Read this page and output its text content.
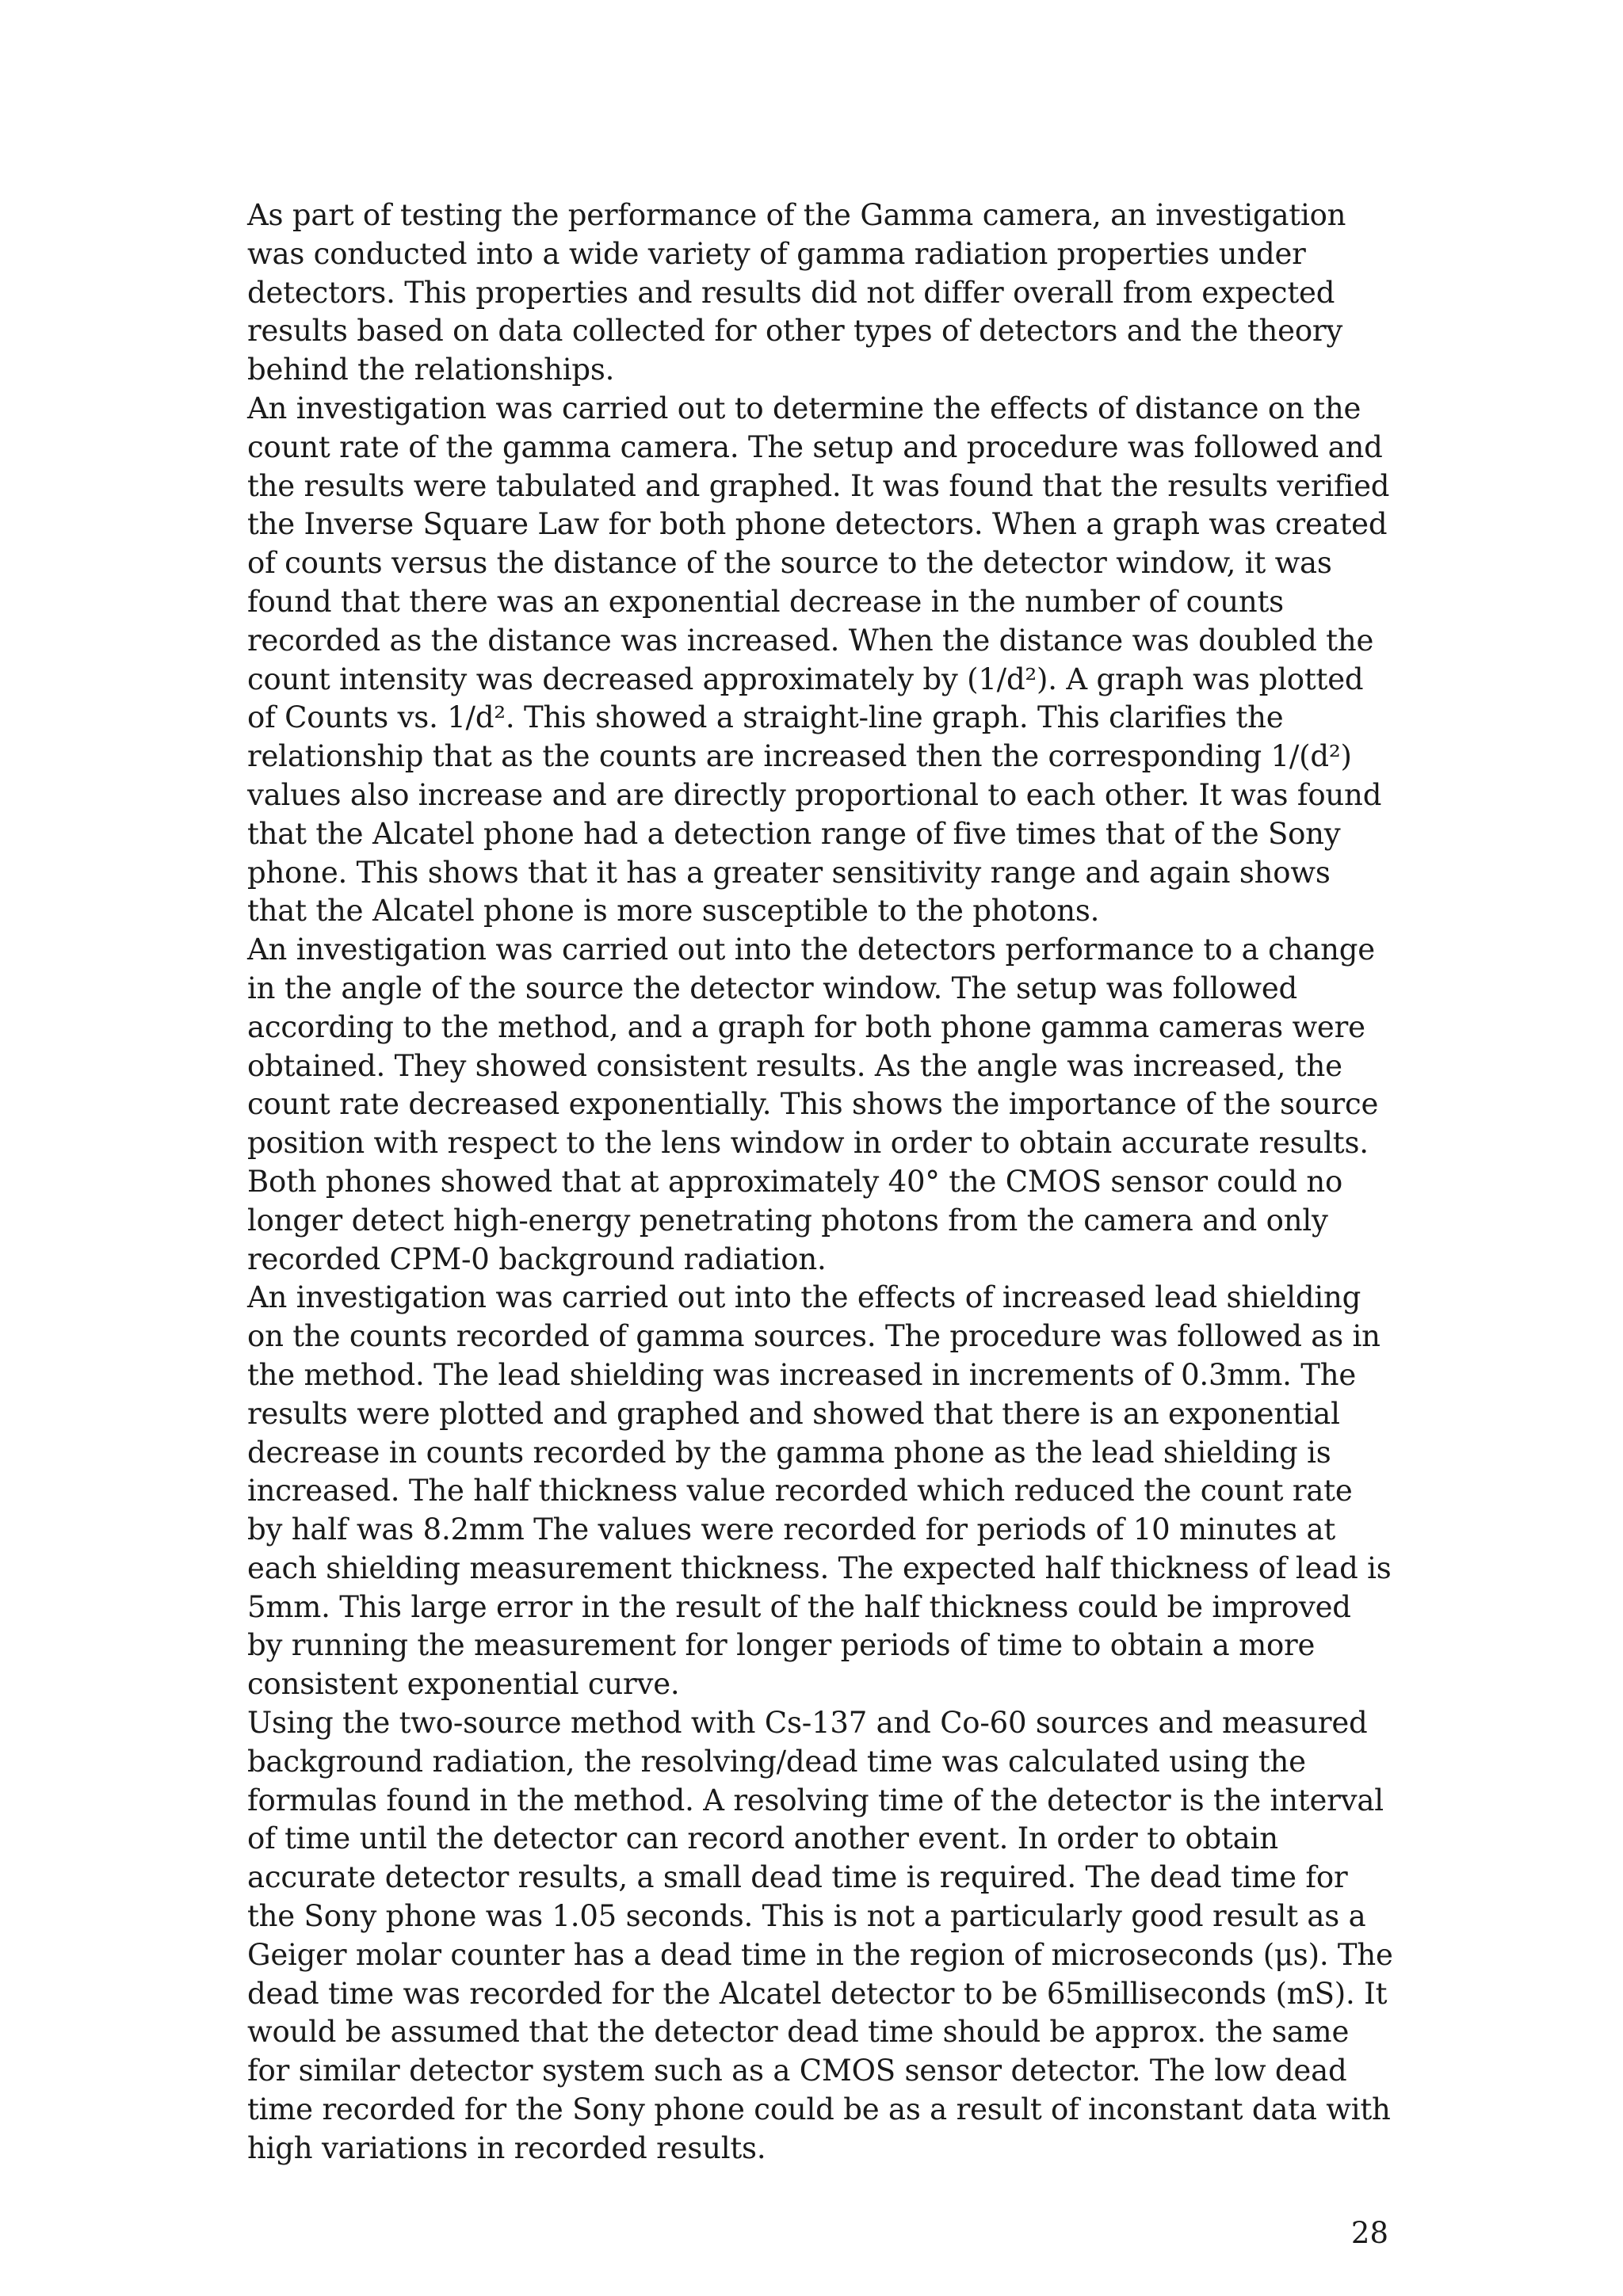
As part of testing the performance of the Gamma camera, an investigation was conducted into a wide variety of gamma radiation properties under detectors. This properties and results did not differ overall from expected results based on data collected for other types of detectors and the theory behind the relationships.

An investigation was carried out to determine the effects of distance on the count rate of the gamma camera. The setup and procedure was followed and the results were tabulated and graphed. It was found that the results verified the Inverse Square Law for both phone detectors. When a graph was created of counts versus the distance of the source to the detector window, it was found that there was an exponential decrease in the number of counts recorded as the distance was increased. When the distance was doubled the count intensity was decreased approximately by (1/d²). A graph was plotted of Counts vs. 1/d². This showed a straight-line graph. This clarifies the relationship that as the counts are increased then the corresponding 1/(d²) values also increase and are directly proportional to each other. It was found that the Alcatel phone had a detection range of five times that of the Sony phone. This shows that it has a greater sensitivity range and again shows that the Alcatel phone is more susceptible to the photons.

An investigation was carried out into the detectors performance to a change in the angle of the source the detector window. The setup was followed according to the method, and a graph for both phone gamma cameras were obtained. They showed consistent results. As the angle was increased, the count rate decreased exponentially. This shows the importance of the source position with respect to the lens window in order to obtain accurate results. Both phones showed that at approximately 40° the CMOS sensor could no longer detect high-energy penetrating photons from the camera and only recorded CPM-0 background radiation.

An investigation was carried out into the effects of increased lead shielding on the counts recorded of gamma sources. The procedure was followed as in the method. The lead shielding was increased in increments of 0.3mm. The results were plotted and graphed and showed that there is an exponential decrease in counts recorded by the gamma phone as the lead shielding is increased. The half thickness value recorded which reduced the count rate by half was 8.2mm The values were recorded for periods of 10 minutes at each shielding measurement thickness. The expected half thickness of lead is 5mm. This large error in the result of the half thickness could be improved by running the measurement for longer periods of time to obtain a more consistent exponential curve.

Using the two-source method with Cs-137 and Co-60 sources and measured background radiation, the resolving/dead time was calculated using the formulas found in the method. A resolving time of the detector is the interval of time until the detector can record another event. In order to obtain accurate detector results, a small dead time is required. The dead time for the Sony phone was 1.05 seconds. This is not a particularly good result as a Geiger molar counter has a dead time in the region of microseconds (μs). The dead time was recorded for the Alcatel detector to be 65milliseconds (mS). It would be assumed that the detector dead time should be approx. the same for similar detector system such as a CMOS sensor detector. The low dead time recorded for the Sony phone could be as a result of inconstant data with high variations in recorded results.

28
